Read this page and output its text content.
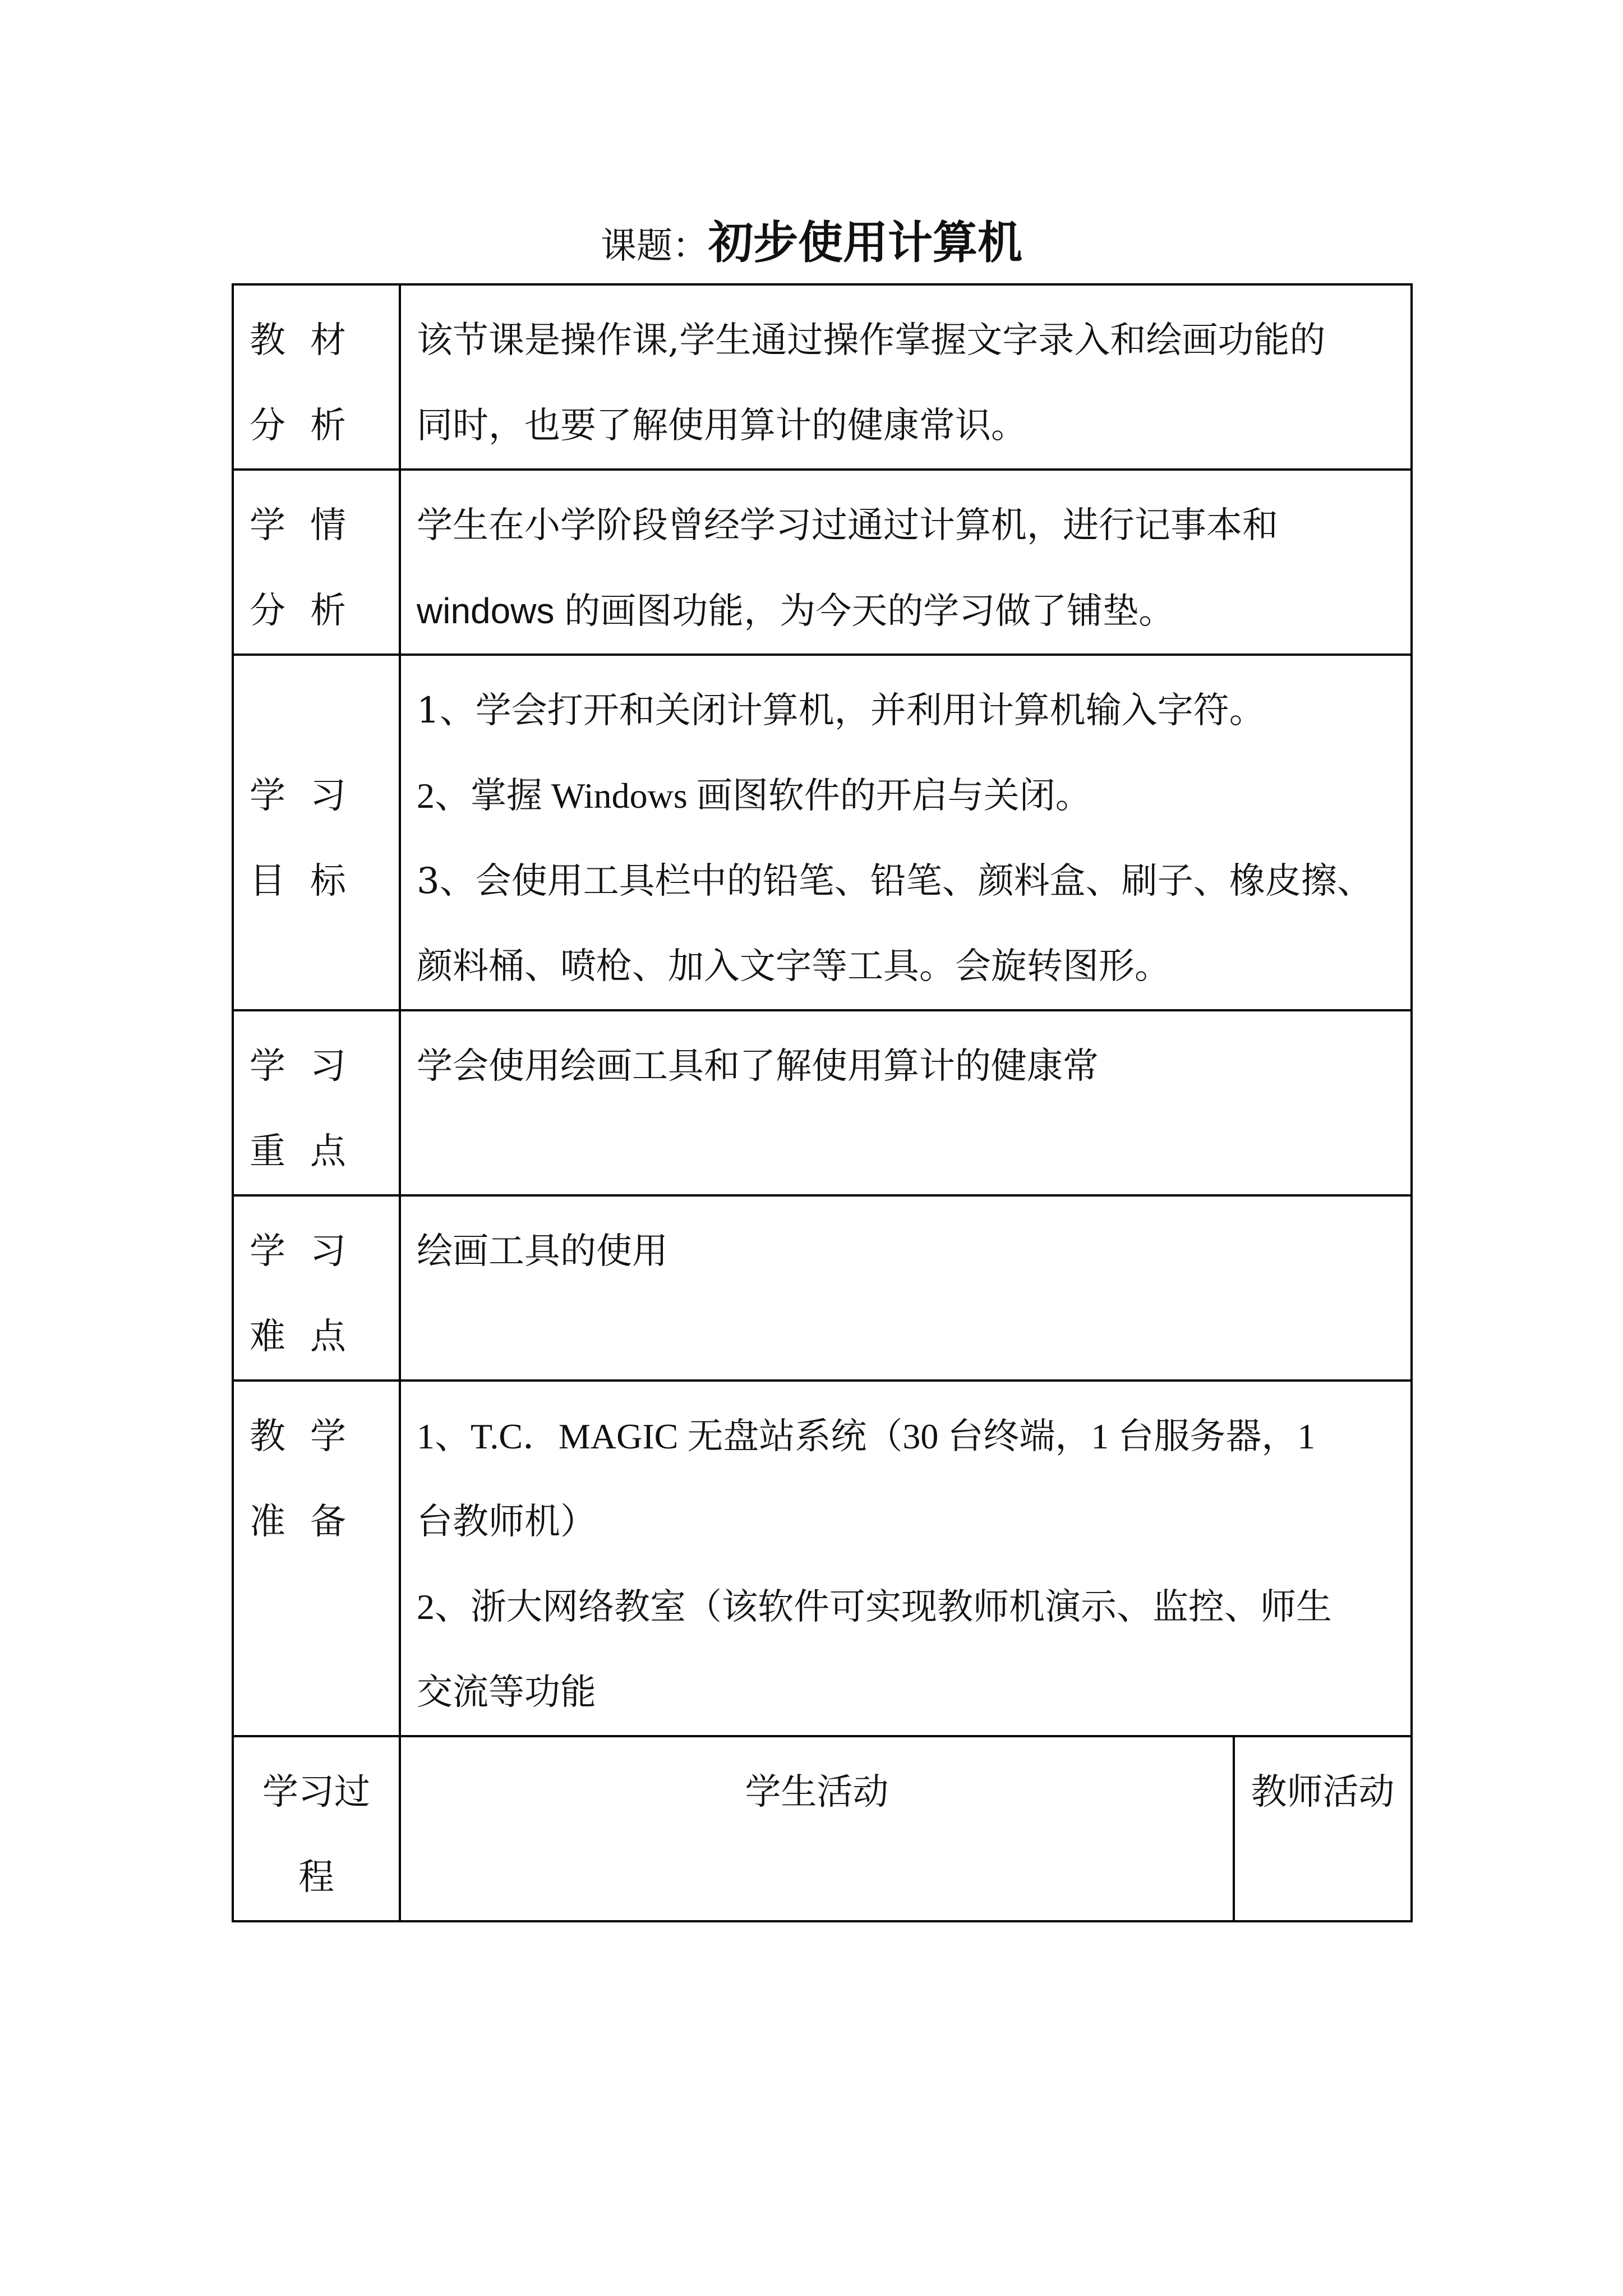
课题：初步使用计算机
教材分析	该节课是操作课,学生通过操作掌握文字录入和绘画功能的
同时，也要了解使用算计的健康常识。	

学情分析	学生在小学阶段曾经学习过通过计算机，进行记事本和
windows 的画图功能，为今天的学习做了铺垫。	

学习目标	1、学会打开和关闭计算机，并利用计算机输入字符。
2、掌握 Windows 画图软件的开启与关闭。
3、会使用工具栏中的铅笔、铅笔、颜料盒、刷子、橡皮擦、
颜料桶、喷枪、加入文字等工具。会旋转图形。	

学习重点	学会使用绘画工具和了解使用算计的健康常	

学习难点	绘画工具的使用	

教学准备	1、T.C．MAGIC 无盘站系统（30 台终端，1 台服务器，1
台教师机）
2、浙大网络教室（该软件可实现教师机演示、监控、师生
交流等功能	

学习过程	学生活动	教师活动
